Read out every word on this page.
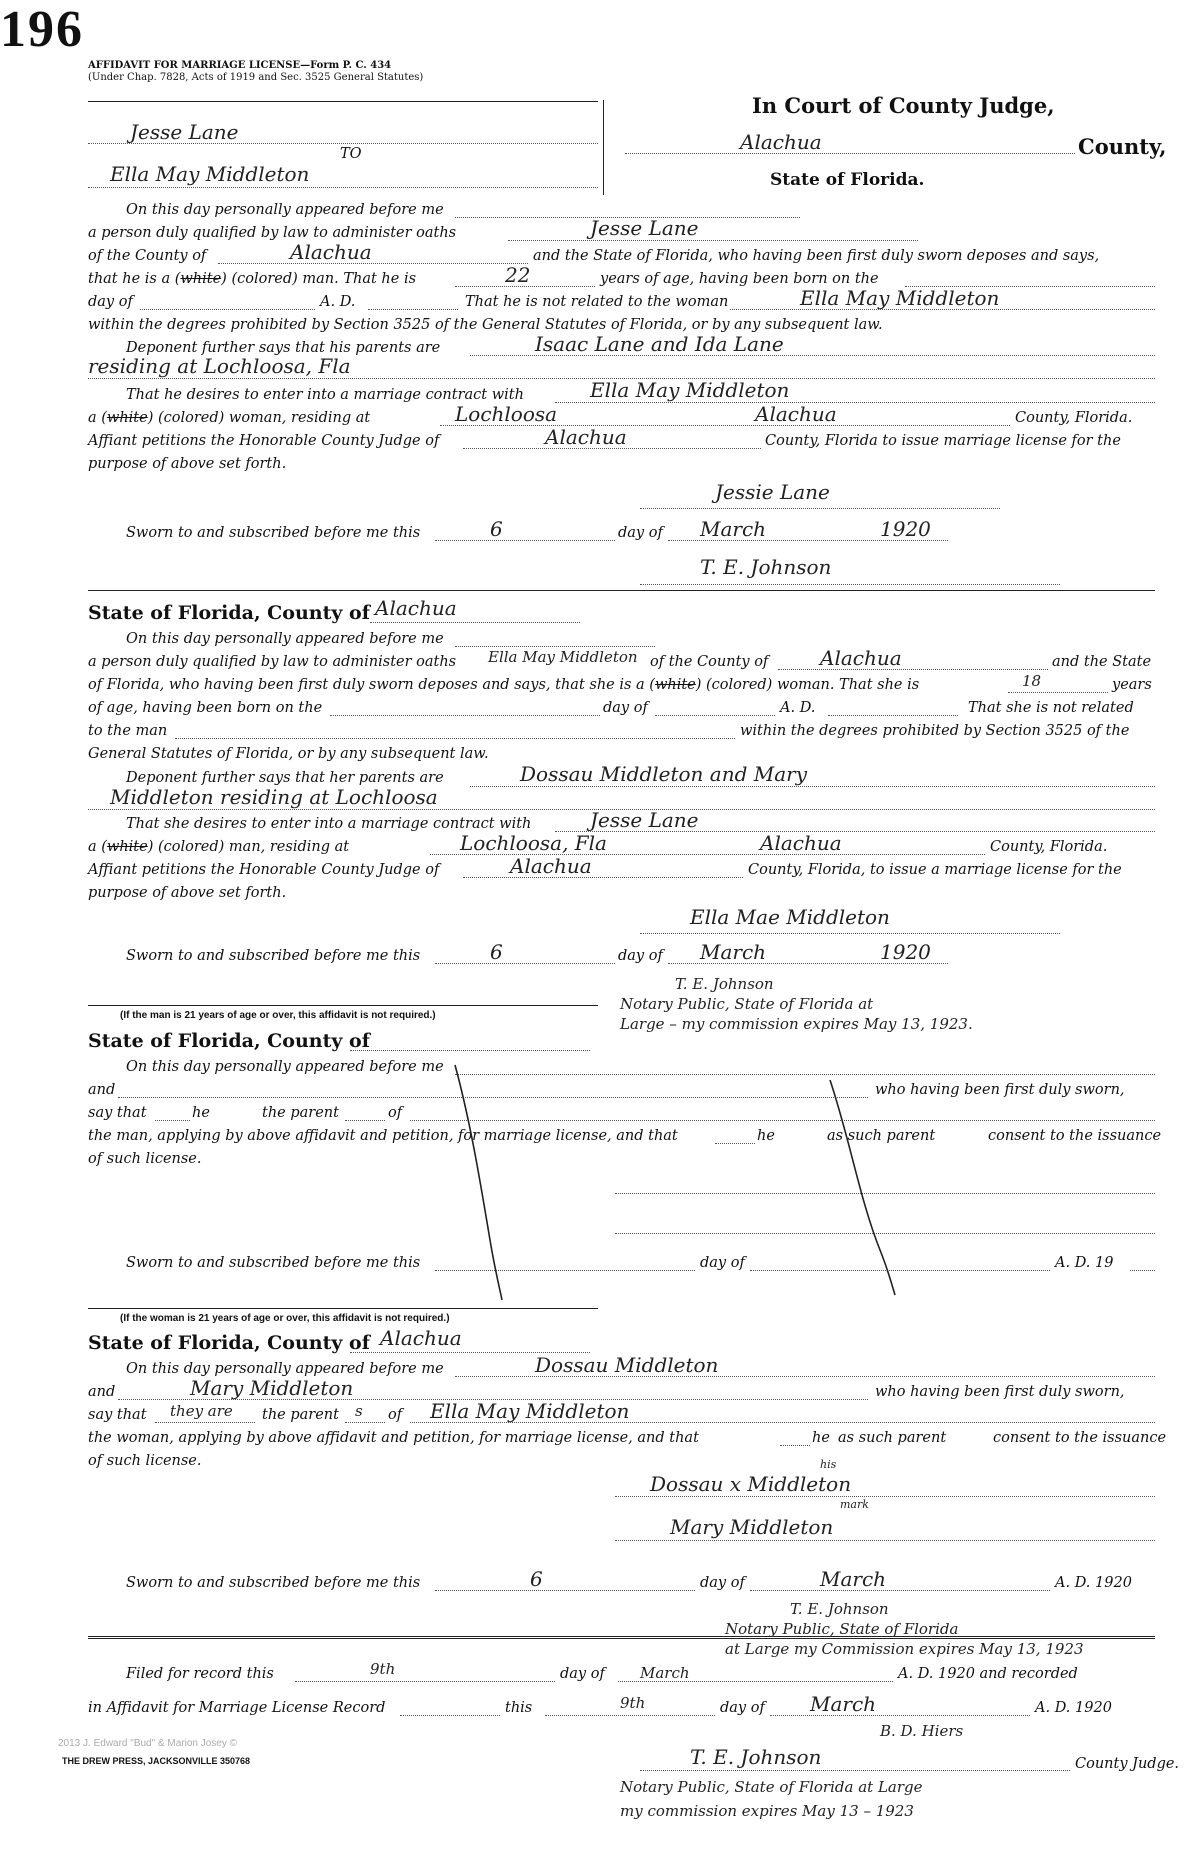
196
AFFIDAVIT FOR MARRIAGE LICENSE—Form P. C. 434
(Under Chap. 7828, Acts of 1919 and Sec. 3525 General Statutes)
Jesse Lane
TO
Ella May Middleton
In Court of County Judge,
Alachua	County,
State of Florida.
On this day personally appeared before me
a person duly qualified by law to administer oaths	Jesse Lane
of the County of	Alachua	and the State of Florida, who having been first duly sworn deposes and says,
that he is a (white) (colored) man. That he is	22	years of age, having been born on the
day of	A. D.	That he is not related to the woman	Ella May Middleton
within the degrees prohibited by Section 3525 of the General Statutes of Florida, or by any subsequent law.
Deponent further says that his parents are	Isaac Lane and Ida Lane
residing at Lochloosa, Fla
That he desires to enter into a marriage contract with	Ella May Middleton
a (white) (colored) woman, residing at	Lochloosa	Alachua	County, Florida.
Affiant petitions the Honorable County Judge of	Alachua	County, Florida to issue marriage license for the
purpose of above set forth.
Jessie Lane
Sworn to and subscribed before me this	6	day of March	1920
T. E. Johnson
State of Florida, County of Alachua
On this day personally appeared before me
a person duly qualified by law to administer oaths Ella May Middleton of the County of	Alachua	and the State
of Florida, who having been first duly sworn deposes and says, that she is a (white) (colored) woman. That she is	18	years
of age, having been born on the	day of	A. D.	That she is not related
to the man	within the degrees prohibited by Section 3525 of the
General Statutes of Florida, or by any subsequent law.
Deponent further says that her parents are	Dossau Middleton and Mary
Middleton residing at Lochloosa
That she desires to enter into a marriage contract with	Jesse Lane
a (white) (colored) man, residing at	Lochloosa, Fla	Alachua	County, Florida.
Affiant petitions the Honorable County Judge of	Alachua	County, Florida, to issue a marriage license for the
purpose of above set forth.
Ella Mae Middleton
Sworn to and subscribed before me this	6	day of March	1920
T. E. Johnson
Notary Public, State of Florida at
Large – my commission expires May 13, 1923.
(If the man is 21 years of age or over, this affidavit is not required.)
State of Florida, County of
On this day personally appeared before me
and	who having been first duly sworn,
say that	he	the parent	of
the man, applying by above affidavit and petition, for marriage license, and that	he	as such parent	consent to the issuance
of such license.
Sworn to and subscribed before me this	day of	A. D. 19
(If the woman is 21 years of age or over, this affidavit is not required.)
State of Florida, County of Alachua
On this day personally appeared before me	Dossau Middleton
and	Mary Middleton	who having been first duly sworn,
say that they are the parent s of Ella May Middleton
the woman, applying by above affidavit and petition, for marriage license, and that	he as such parent	consent to the issuance
of such license.	his
Dossau x Middleton
mark
Mary Middleton
Sworn to and subscribed before me this	6	day of	March	A. D. 1920
T. E. Johnson
Notary Public, State of Florida
at Large my Commission expires May 13, 1923
Filed for record this	9th	day of March	A. D. 1920 and recorded
in Affidavit for Marriage License Record	this	9th	day of March	A. D. 1920
B. D. Hiers
T. E. Johnson	County Judge.
Notary Public, State of Florida at Large
my commission expires May 13 – 1923
2013 J. Edward "Bud" & Marion Josey ©
THE DREW PRESS, JACKSONVILLE 350768
